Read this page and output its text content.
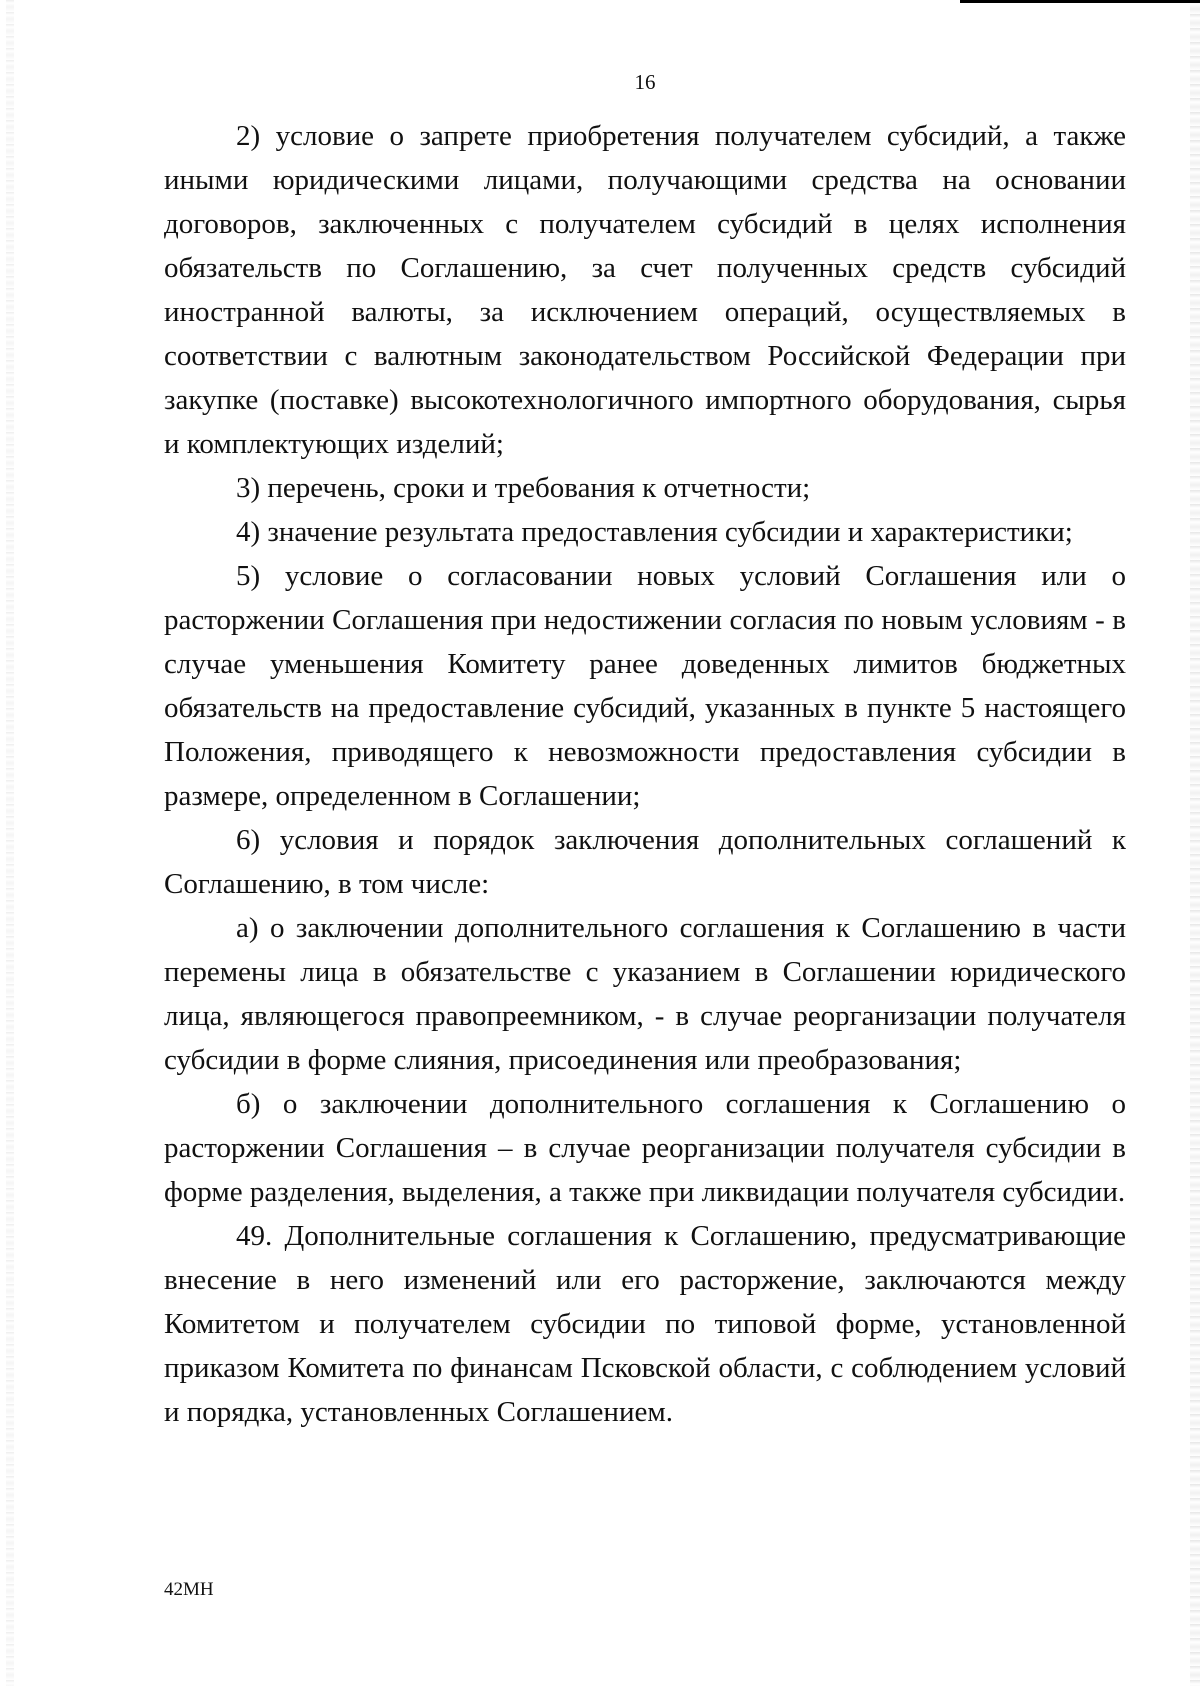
16

2) условие о запрете приобретения получателем субсидий, а также иными юридическими лицами, получающими средства на основании договоров, заключенных с получателем субсидий в целях исполнения обязательств по Соглашению, за счет полученных средств субсидий иностранной валюты, за исключением операций, осуществляемых в соответствии с валютным законодательством Российской Федерации при закупке (поставке) высокотехнологичного импортного оборудования, сырья и комплектующих изделий;

3) перечень, сроки и требования к отчетности;

4) значение результата предоставления субсидии и характеристики;

5) условие о согласовании новых условий Соглашения или о расторжении Соглашения при недостижении согласия по новым условиям - в случае уменьшения Комитету ранее доведенных лимитов бюджетных обязательств на предоставление субсидий, указанных в пункте 5 настоящего Положения, приводящего к невозможности предоставления субсидии в размере, определенном в Соглашении;

6) условия и порядок заключения дополнительных соглашений к Соглашению, в том числе:

а) о заключении дополнительного соглашения к Соглашению в части перемены лица в обязательстве с указанием в Соглашении юридического лица, являющегося правопреемником, - в случае реорганизации получателя субсидии в форме слияния, присоединения или преобразования;

б) о заключении дополнительного соглашения к Соглашению о расторжении Соглашения – в случае реорганизации получателя субсидии в форме разделения, выделения, а также при ликвидации получателя субсидии.

49. Дополнительные соглашения к Соглашению, предусматривающие внесение в него изменений или его расторжение, заключаются между Комитетом и получателем субсидии по типовой форме, установленной приказом Комитета по финансам Псковской области, с соблюдением условий и порядка, установленных Соглашением.

42МН
